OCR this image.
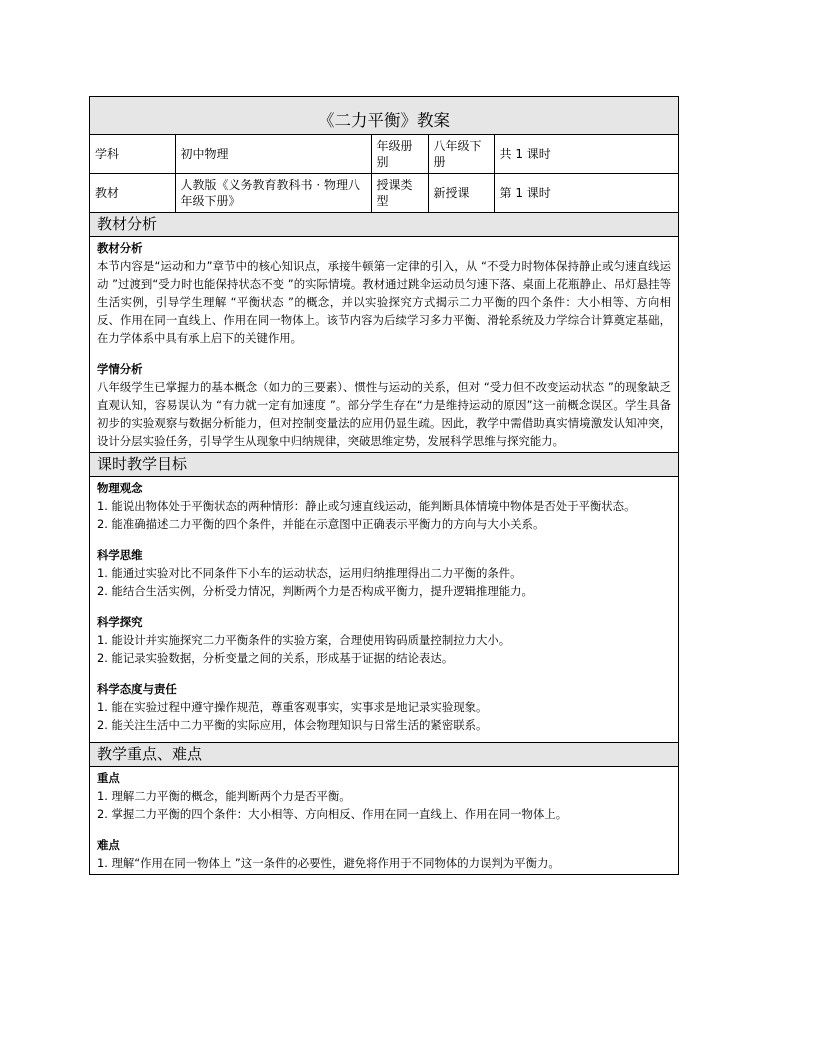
《二力平衡》教案
学科	初中物理	年级册别	八年级下册	共 1 课时
教材	人教版《义务教育教科书 · 物理八年级下册》	授课类型	新授课	第 1 课时
教材分析
教材分析
本节内容是“运动和力”章节中的核心知识点，承接牛顿第一定律的引入，从 “不受力时物体保持静止或匀速直线运动 ”过渡到“受力时也能保持状态不变 ”的实际情境。教材通过跳伞运动员匀速下落、桌面上花瓶静止、吊灯悬挂等生活实例，引导学生理解 “平衡状态 ”的概念，并以实验探究方式揭示二力平衡的四个条件：大小相等、方向相反、作用在同一直线上、作用在同一物体上。该节内容为后续学习多力平衡、滑轮系统及力学综合计算奠定基础，在力学体系中具有承上启下的关键作用。
学情分析
八年级学生已掌握力的基本概念（如力的三要素）、惯性与运动的关系，但对 “受力但不改变运动状态 ”的现象缺乏直观认知，容易误认为 “有力就一定有加速度 ”。部分学生存在“力是维持运动的原因”这一前概念误区。学生具备初步的实验观察与数据分析能力，但对控制变量法的应用仍显生疏。因此，教学中需借助真实情境激发认知冲突，设计分层实验任务，引导学生从现象中归纳规律，突破思维定势，发展科学思维与探究能力。
课时教学目标
物理观念
1. 能说出物体处于平衡状态的两种情形：静止或匀速直线运动，能判断具体情境中物体是否处于平衡状态。
2. 能准确描述二力平衡的四个条件，并能在示意图中正确表示平衡力的方向与大小关系。
科学思维
1. 能通过实验对比不同条件下小车的运动状态，运用归纳推理得出二力平衡的条件。
2. 能结合生活实例，分析受力情况，判断两个力是否构成平衡力，提升逻辑推理能力。
科学探究
1. 能设计并实施探究二力平衡条件的实验方案，合理使用钩码质量控制拉力大小。
2. 能记录实验数据，分析变量之间的关系，形成基于证据的结论表达。
科学态度与责任
1. 能在实验过程中遵守操作规范，尊重客观事实，实事求是地记录实验现象。
2. 能关注生活中二力平衡的实际应用，体会物理知识与日常生活的紧密联系。
教学重点、难点
重点
1. 理解二力平衡的概念，能判断两个力是否平衡。
2. 掌握二力平衡的四个条件：大小相等、方向相反、作用在同一直线上、作用在同一物体上。
难点
1. 理解“作用在同一物体上 ”这一条件的必要性，避免将作用于不同物体的力误判为平衡力。
